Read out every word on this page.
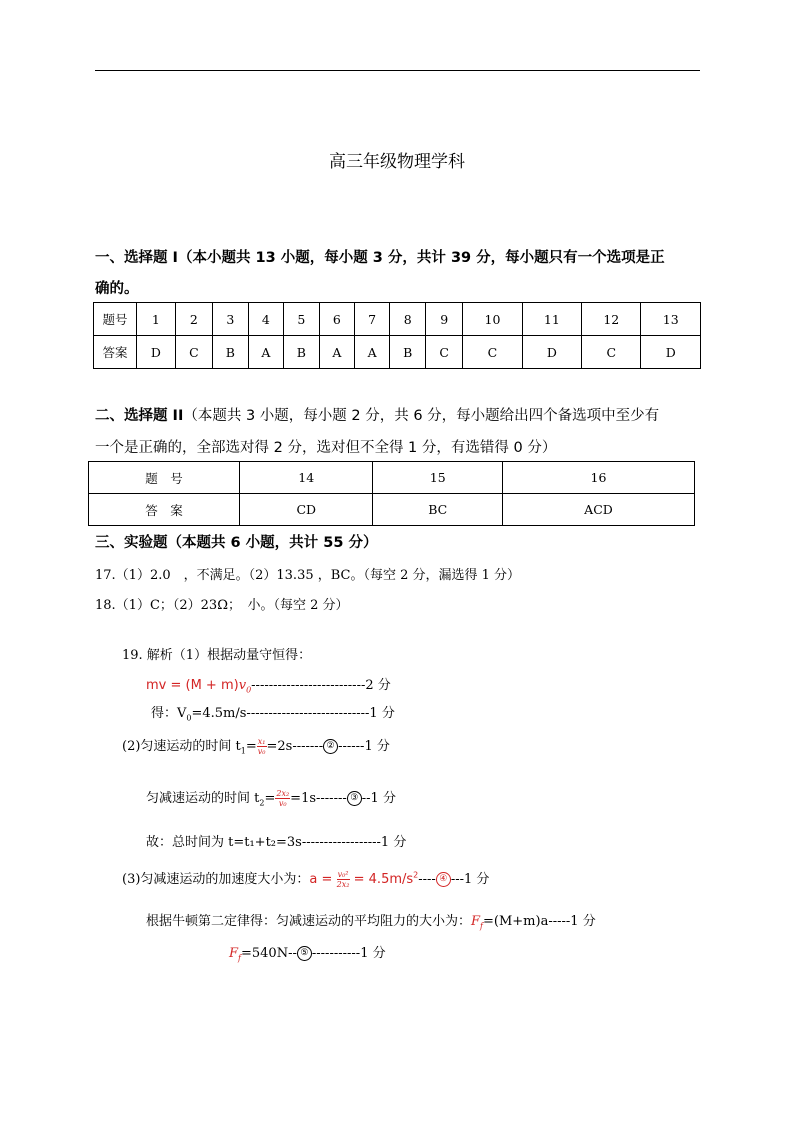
高三年级物理学科
一、选择题 I（本小题共 13 小题，每小题 3 分，共计 39 分，每小题只有一个选项是正
确的。
题号	1	2	3	4	5	6	7	8	9	10	11	12	13
答案	D	C	B	A	B	A	A	B	C	C	D	C	D
二、选择题 II（本题共 3 小题，每小题 2 分，共 6 分，每小题给出四个备选项中至少有
一个是正确的，全部选对得 2 分，选对但不全得 1 分，有选错得 0 分）
题　号	14	15	16
答　案	CD	BC	ACD
三、实验题（本题共 6 小题，共计 55 分）
17.（1）2.0　，不满足。（2）13.35 ，BC。（每空 2 分，漏选得 1 分）
18.（1）C；（2）23Ω；　小。（每空 2 分）
19. 解析（1）根据动量守恒得：
mv = $(M + m)v_0--------------------------2$ 分
得：$V_0=4.5m/s----------------------------1$ 分
(2)匀速运动的时间 $t_1= \frac{\text{x₁}}{\text{v₀}} =2s-------$ ② ------1 分
匀减速运动的时间 $t_2= \frac{\text{2x₂}}{\text{v₀}} =1s-------$ ③ --1 分
故：总时间为 t=t₁+t₂=3s------------------1 分
(3)匀减速运动的加速度大小为：$a = \frac{\text{v₀²}}{\text{2x₂}} = 4.5m/s^2----$ ④ ---1 分
根据牛顿第二定律得：匀减速运动的平均阻力的大小为：$F_f=(M+m)a-----1$ 分
$F_f=540N--$ ⑤ -----------1 分
